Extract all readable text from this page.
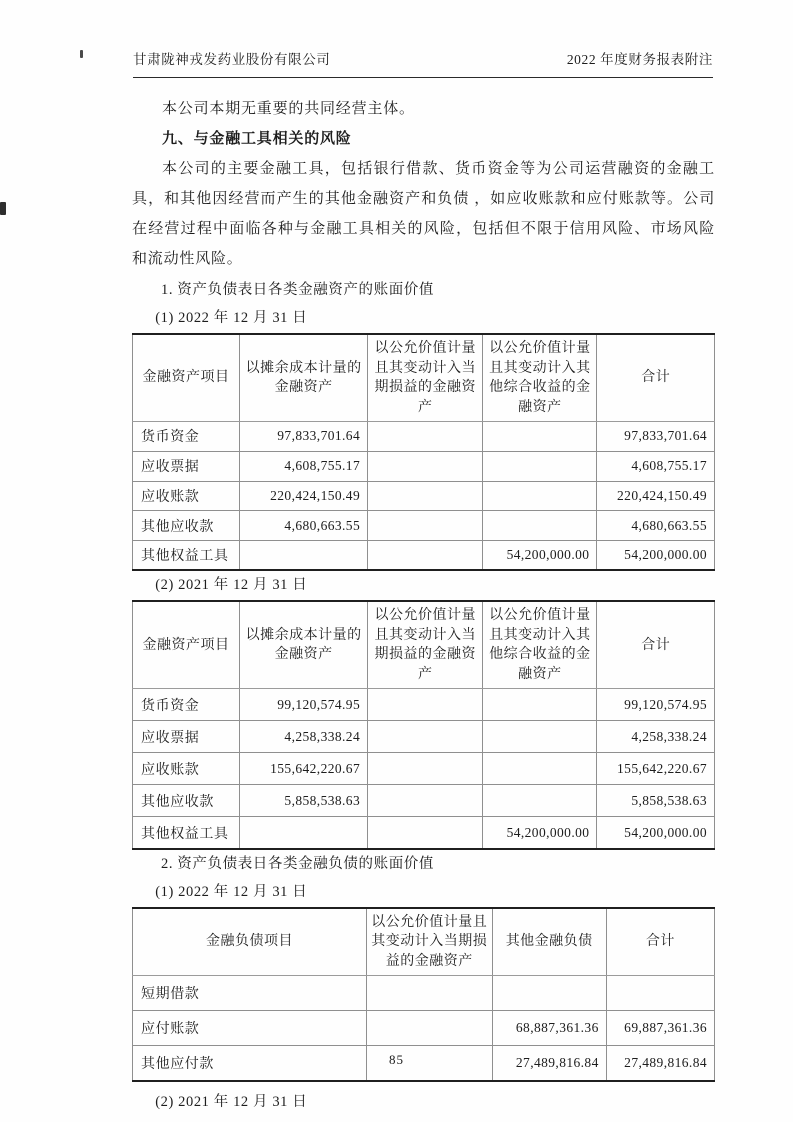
甘肃陇神戎发药业股份有限公司	2022 年度财务报表附注

本公司本期无重要的共同经营主体。

九、与金融工具相关的风险

本公司的主要金融工具，包括银行借款、货币资金等为公司运营融资的金融工具，和其他因经营而产生的其他金融资产和负债 ，如应收账款和应付账款等。公司在经营过程中面临各种与金融工具相关的风险，包括但不限于信用风险、市场风险和流动性风险。

1. 资产负债表日各类金融资产的账面价值

(1) 2022 年 12 月 31 日

金融资产项目	以摊余成本计量的金融资产	以公允价值计量且其变动计入当期损益的金融资产	以公允价值计量且其变动计入其他综合收益的金融资产	合计
货币资金	97,833,701.64			97,833,701.64
应收票据	4,608,755.17			4,608,755.17
应收账款	220,424,150.49			220,424,150.49
其他应收款	4,680,663.55			4,680,663.55
其他权益工具			54,200,000.00	54,200,000.00

(2) 2021 年 12 月 31 日

金融资产项目	以摊余成本计量的金融资产	以公允价值计量且其变动计入当期损益的金融资产	以公允价值计量且其变动计入其他综合收益的金融资产	合计
货币资金	99,120,574.95			99,120,574.95
应收票据	4,258,338.24			4,258,338.24
应收账款	155,642,220.67			155,642,220.67
其他应收款	5,858,538.63			5,858,538.63
其他权益工具			54,200,000.00	54,200,000.00

2. 资产负债表日各类金融负债的账面价值

(1) 2022 年 12 月 31 日

金融负债项目	以公允价值计量且其变动计入当期损益的金融资产	其他金融负债	合计
短期借款			
应付账款		68,887,361.36	69,887,361.36
其他应付款		27,489,816.84	27,489,816.84

(2) 2021 年 12 月 31 日

85
